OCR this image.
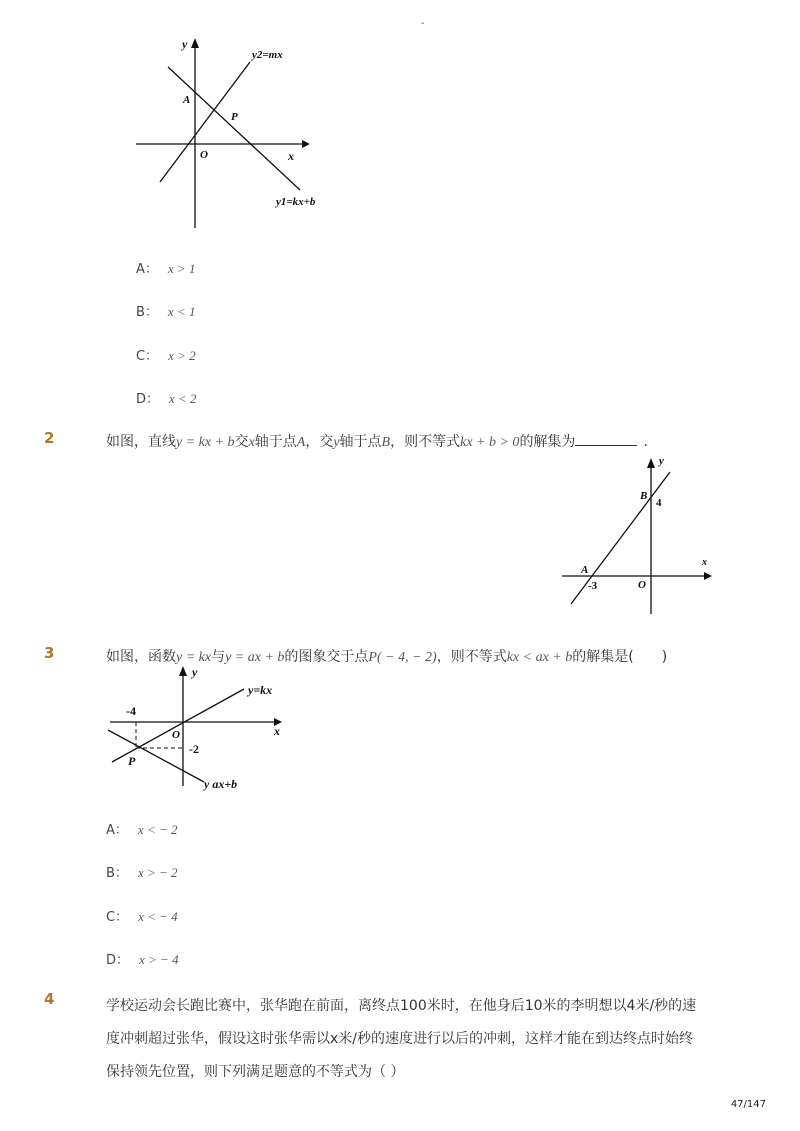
-
y
x
O
A
P
y2=mx
y1=kx+b
A： x > 1
B： x < 1
C： x > 2
D： x < 2
2	如图，直线y = kx + b交x轴于点A，交y轴于点B，则不等式kx + b > 0的解集为	．
y
x
O
B
4
A
-3
3	如图，函数y = kx与y = ax + b的图象交于点P( − 4, − 2)，则不等式kx < ax + b的解集是(　　)
y
x
O
-4
-2
P
y=kx
y ax+b
A： x < − 2
B： x > − 2
C： x < − 4
D： x > − 4
4	学校运动会长跑比赛中，张华跑在前面，离终点100米时，在他身后10米的李明想以4米/秒的速度冲刺超过张华，假设这时张华需以x米/秒的速度进行以后的冲刺，这样才能在到达终点时始终保持领先位置，则下列满足题意的不等式为（ ）
47/147
